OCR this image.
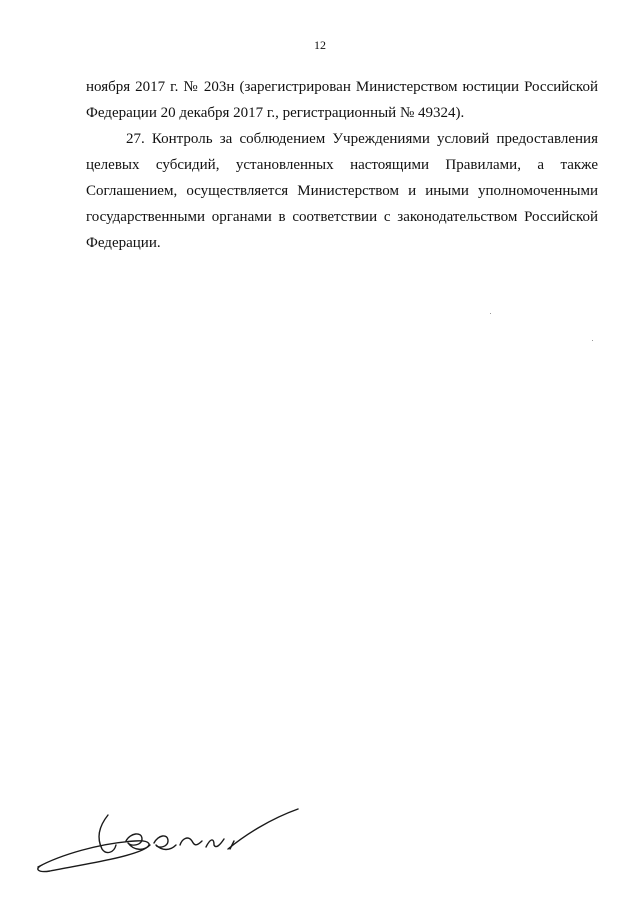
12

ноября 2017 г. № 203н (зарегистрирован Министерством юстиции Российской Федерации 20 декабря 2017 г., регистрационный № 49324).

27. Контроль за соблюдением Учреждениями условий предоставления целевых субсидий, установленных настоящими Правилами, а также Соглашением, осуществляется Министерством и иными уполномоченными государственными органами в соответствии с законодательством Российской Федерации.
